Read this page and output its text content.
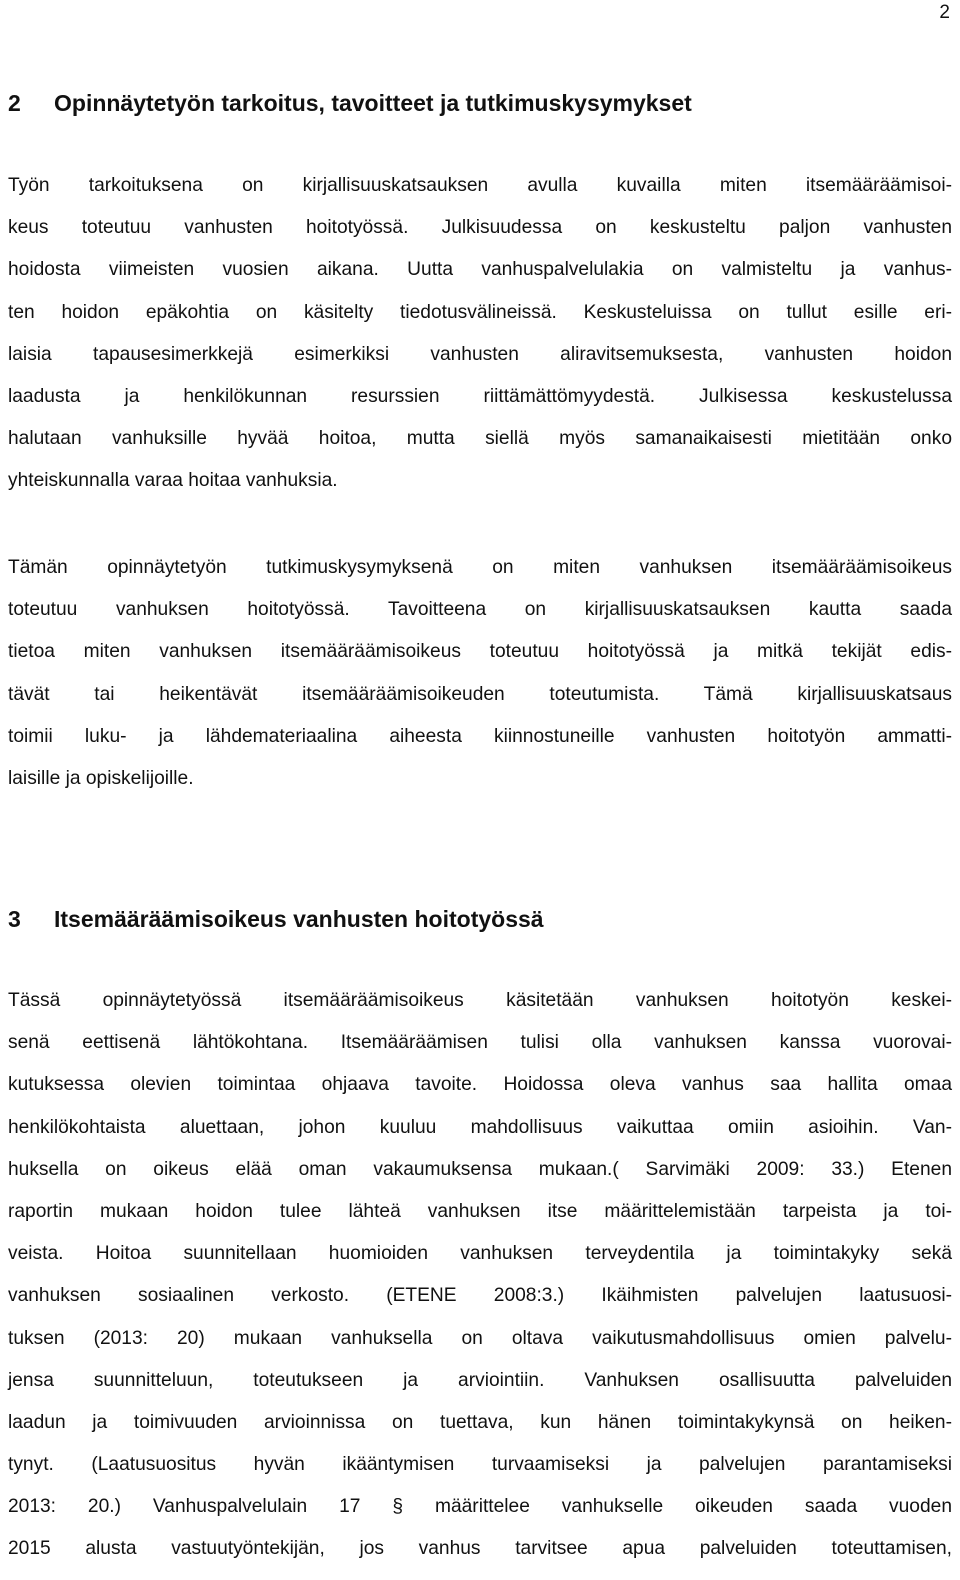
2
2 Opinnäytetyön tarkoitus, tavoitteet ja tutkimuskysymykset
Työn tarkoituksena on kirjallisuuskatsauksen avulla kuvailla miten itsemääräämisoi-
keus toteutuu vanhusten hoitotyössä. Julkisuudessa on keskusteltu paljon vanhusten
hoidosta viimeisten vuosien aikana. Uutta vanhuspalvelulakia on valmisteltu ja vanhus-
ten hoidon epäkohtia on käsitelty tiedotusvälineissä. Keskusteluissa on tullut esille eri-
laisia tapausesimerkkejä esimerkiksi vanhusten aliravitsemuksesta, vanhusten hoidon
laadusta ja henkilökunnan resurssien riittämättömyydestä. Julkisessa keskustelussa
halutaan vanhuksille hyvää hoitoa, mutta siellä myös samanaikaisesti mietitään onko
yhteiskunnalla varaa hoitaa vanhuksia.
Tämän opinnäytetyön tutkimuskysymyksenä on miten vanhuksen itsemääräämisoikeus
toteutuu vanhuksen hoitotyössä. Tavoitteena on kirjallisuuskatsauksen kautta saada
tietoa miten vanhuksen itsemääräämisoikeus toteutuu hoitotyössä ja mitkä tekijät edis-
tävät tai heikentävät itsemääräämisoikeuden toteutumista. Tämä kirjallisuuskatsaus
toimii luku- ja lähdemateriaalina aiheesta kiinnostuneille vanhusten hoitotyön ammatti-
laisille ja opiskelijoille.
3 Itsemääräämisoikeus vanhusten hoitotyössä
Tässä opinnäytetyössä itsemääräämisoikeus käsitetään vanhuksen hoitotyön keskei-
senä eettisenä lähtökohtana. Itsemääräämisen tulisi olla vanhuksen kanssa vuorovai-
kutuksessa olevien toimintaa ohjaava tavoite. Hoidossa oleva vanhus saa hallita omaa
henkilökohtaista aluettaan, johon kuuluu mahdollisuus vaikuttaa omiin asioihin. Van-
huksella on oikeus elää oman vakaumuksensa mukaan.( Sarvimäki 2009: 33.) Etenen
raportin mukaan hoidon tulee lähteä vanhuksen itse määrittelemistään tarpeista ja toi-
veista. Hoitoa suunnitellaan huomioiden vanhuksen terveydentila ja toimintakyky sekä
vanhuksen sosiaalinen verkosto. (ETENE 2008:3.) Ikäihmisten palvelujen laatusuosi-
tuksen (2013: 20) mukaan vanhuksella on oltava vaikutusmahdollisuus omien palvelu-
jensa suunnitteluun, toteutukseen ja arviointiin. Vanhuksen osallisuutta palveluiden
laadun ja toimivuuden arvioinnissa on tuettava, kun hänen toimintakykynsä on heiken-
tynyt. (Laatusuositus hyvän ikääntymisen turvaamiseksi ja palvelujen parantamiseksi
2013: 20.) Vanhuspalvelulain 17 § määrittelee vanhukselle oikeuden saada vuoden
2015 alusta vastuutyöntekijän, jos vanhus tarvitsee apua palveluiden toteuttamisen,
